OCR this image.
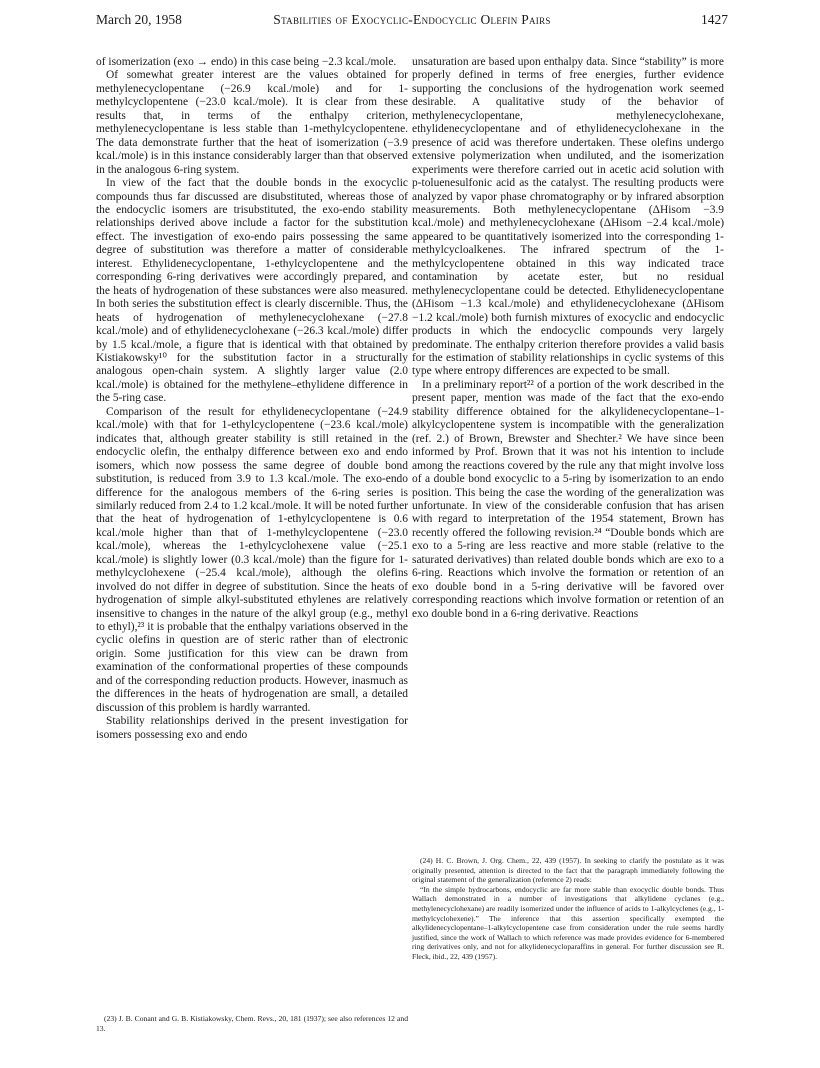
March 20, 1958	Stabilities of Exocyclic-Endocyclic Olefin Pairs	1427

of isomerization (exo → endo) in this case being −2.3 kcal./mole.

Of somewhat greater interest are the values obtained for methylenecyclopentane (−26.9 kcal./mole) and for 1-methylcyclopentene (−23.0 kcal./mole). It is clear from these results that, in terms of the enthalpy criterion, methylenecyclopentane is less stable than 1-methylcyclopentene. The data demonstrate further that the heat of isomerization (−3.9 kcal./mole) is in this instance considerably larger than that observed in the analogous 6-ring system.

In view of the fact that the double bonds in the exocyclic compounds thus far discussed are disubstituted, whereas those of the endocyclic isomers are trisubstituted, the exo-endo stability relationships derived above include a factor for the substitution effect. The investigation of exo-endo pairs possessing the same degree of substitution was therefore a matter of considerable interest. Ethylidenecyclopentane, 1-ethylcyclopentene and the corresponding 6-ring derivatives were accordingly prepared, and the heats of hydrogenation of these substances were also measured. In both series the substitution effect is clearly discernible. Thus, the heats of hydrogenation of methylenecyclohexane (−27.8 kcal./mole) and of ethylidenecyclohexane (−26.3 kcal./mole) differ by 1.5 kcal./mole, a figure that is identical with that obtained by Kistiakowsky¹⁰ for the substitution factor in a structurally analogous open-chain system. A slightly larger value (2.0 kcal./mole) is obtained for the methylene–ethylidene difference in the 5-ring case.

Comparison of the result for ethylidenecyclopentane (−24.9 kcal./mole) with that for 1-ethylcyclopentene (−23.6 kcal./mole) indicates that, although greater stability is still retained in the endocyclic olefin, the enthalpy difference between exo and endo isomers, which now possess the same degree of double bond substitution, is reduced from 3.9 to 1.3 kcal./mole. The exo-endo difference for the analogous members of the 6-ring series is similarly reduced from 2.4 to 1.2 kcal./mole. It will be noted further that the heat of hydrogenation of 1-ethylcyclopentene is 0.6 kcal./mole higher than that of 1-methylcyclopentene (−23.0 kcal./mole), whereas the 1-ethylcyclohexene value (−25.1 kcal./mole) is slightly lower (0.3 kcal./mole) than the figure for 1-methylcyclohexene (−25.4 kcal./mole), although the olefins involved do not differ in degree of substitution. Since the heats of hydrogenation of simple alkyl-substituted ethylenes are relatively insensitive to changes in the nature of the alkyl group (e.g., methyl to ethyl),²³ it is probable that the enthalpy variations observed in the cyclic olefins in question are of steric rather than of electronic origin. Some justification for this view can be drawn from examination of the conformational properties of these compounds and of the corresponding reduction products. However, inasmuch as the differences in the heats of hydrogenation are small, a detailed discussion of this problem is hardly warranted.

Stability relationships derived in the present investigation for isomers possessing exo and endo

(23) J. B. Conant and G. B. Kistiakowsky, Chem. Revs., 20, 181 (1937); see also references 12 and 13.

unsaturation are based upon enthalpy data. Since “stability” is more properly defined in terms of free energies, further evidence supporting the conclusions of the hydrogenation work seemed desirable. A qualitative study of the behavior of methylenecyclopentane, methylenecyclohexane, ethylidenecyclopentane and of ethylidenecyclohexane in the presence of acid was therefore undertaken. These olefins undergo extensive polymerization when undiluted, and the isomerization experiments were therefore carried out in acetic acid solution with p-toluenesulfonic acid as the catalyst. The resulting products were analyzed by vapor phase chromatography or by infrared absorption measurements. Both methylenecyclopentane (ΔHisom −3.9 kcal./mole) and methylenecyclohexane (ΔHisom −2.4 kcal./mole) appeared to be quantitatively isomerized into the corresponding 1-methylcycloalkenes. The infrared spectrum of the 1-methylcyclopentene obtained in this way indicated trace contamination by acetate ester, but no residual methylenecyclopentane could be detected. Ethylidenecyclopentane (ΔHisom −1.3 kcal./mole) and ethylidenecyclohexane (ΔHisom −1.2 kcal./mole) both furnish mixtures of exocyclic and endocyclic products in which the endocyclic compounds very largely predominate. The enthalpy criterion therefore provides a valid basis for the estimation of stability relationships in cyclic systems of this type where entropy differences are expected to be small.

In a preliminary report²² of a portion of the work described in the present paper, mention was made of the fact that the exo-endo stability difference obtained for the alkylidenecyclopentane–1-alkylcyclopentene system is incompatible with the generalization (ref. 2.) of Brown, Brewster and Shechter.² We have since been informed by Prof. Brown that it was not his intention to include among the reactions covered by the rule any that might involve loss of a double bond exocyclic to a 5-ring by isomerization to an endo position. This being the case the wording of the generalization was unfortunate. In view of the considerable confusion that has arisen with regard to interpretation of the 1954 statement, Brown has recently offered the following revision.²⁴ “Double bonds which are exo to a 5-ring are less reactive and more stable (relative to the saturated derivatives) than related double bonds which are exo to a 6-ring. Reactions which involve the formation or retention of an exo double bond in a 5-ring derivative will be favored over corresponding reactions which involve formation or retention of an exo double bond in a 6-ring derivative. Reactions

(24) H. C. Brown, J. Org. Chem., 22, 439 (1957). In seeking to clarify the postulate as it was originally presented, attention is directed to the fact that the paragraph immediately following the original statement of the generalization (reference 2) reads:

“In the simple hydrocarbons, endocyclic are far more stable than exocyclic double bonds. Thus Wallach demonstrated in a number of investigations that alkylidene cyclanes (e.g., methylenecyclohexane) are readily isomerized under the influence of acids to 1-alkylcyclenes (e.g., 1-methylcyclohexene).” The inference that this assertion specifically exempted the alkylidenecyclopentane–1-alkylcyclopentene case from consideration under the rule seems hardly justified, since the work of Wallach to which reference was made provides evidence for 6-membered ring derivatives only, and not for alkylidenecycloparaffins in general. For further discussion see R. Fleck, ibid., 22, 439 (1957).
